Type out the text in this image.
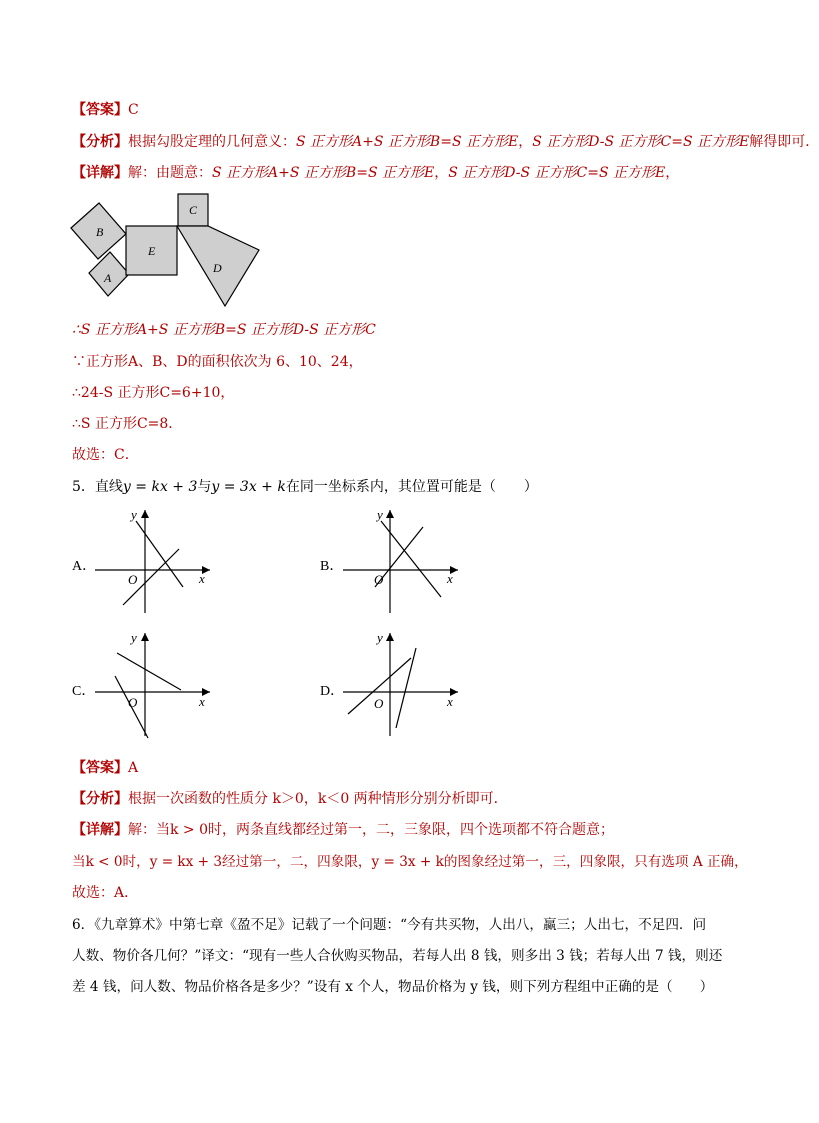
【答案】C
【分析】根据勾股定理的几何意义：S 正方形A+S 正方形B=S 正方形E，S 正方形D-S 正方形C=S 正方形E解得即可．
【详解】解：由题意：S 正方形A+S 正方形B=S 正方形E，S 正方形D-S 正方形C=S 正方形E，
B
A
E
C
D
∴S 正方形A+S 正方形B=S 正方形D-S 正方形C
∵正方形A、B、D的面积依次为 6、10、24，
∴24-S 正方形C=6+10，
∴S 正方形C=8．
故选：C．
5．直线y = kx + 3与y = 3x + k在同一坐标系内，其位置可能是（　　）
A．
x
y
O
B．
x
y
O
C．
x
y
O
D．
x
y
O
【答案】A
【分析】根据一次函数的性质分 k＞0，k＜0 两种情形分别分析即可．
【详解】解：当k > 0时，两条直线都经过第一，二，三象限，四个选项都不符合题意；
当k < 0时，y = kx + 3经过第一，二，四象限，y = 3x + k的图象经过第一，三，四象限，只有选项 A 正确，
故选：A．
6．《九章算术》中第七章《盈不足》记载了一个问题：“今有共买物，人出八，赢三；人出七，不足四．问
人数、物价各几何？”译文：“现有一些人合伙购买物品，若每人出 8 钱，则多出 3 钱；若每人出 7 钱，则还
差 4 钱，问人数、物品价格各是多少？”设有 x 个人，物品价格为 y 钱，则下列方程组中正确的是（　　）
